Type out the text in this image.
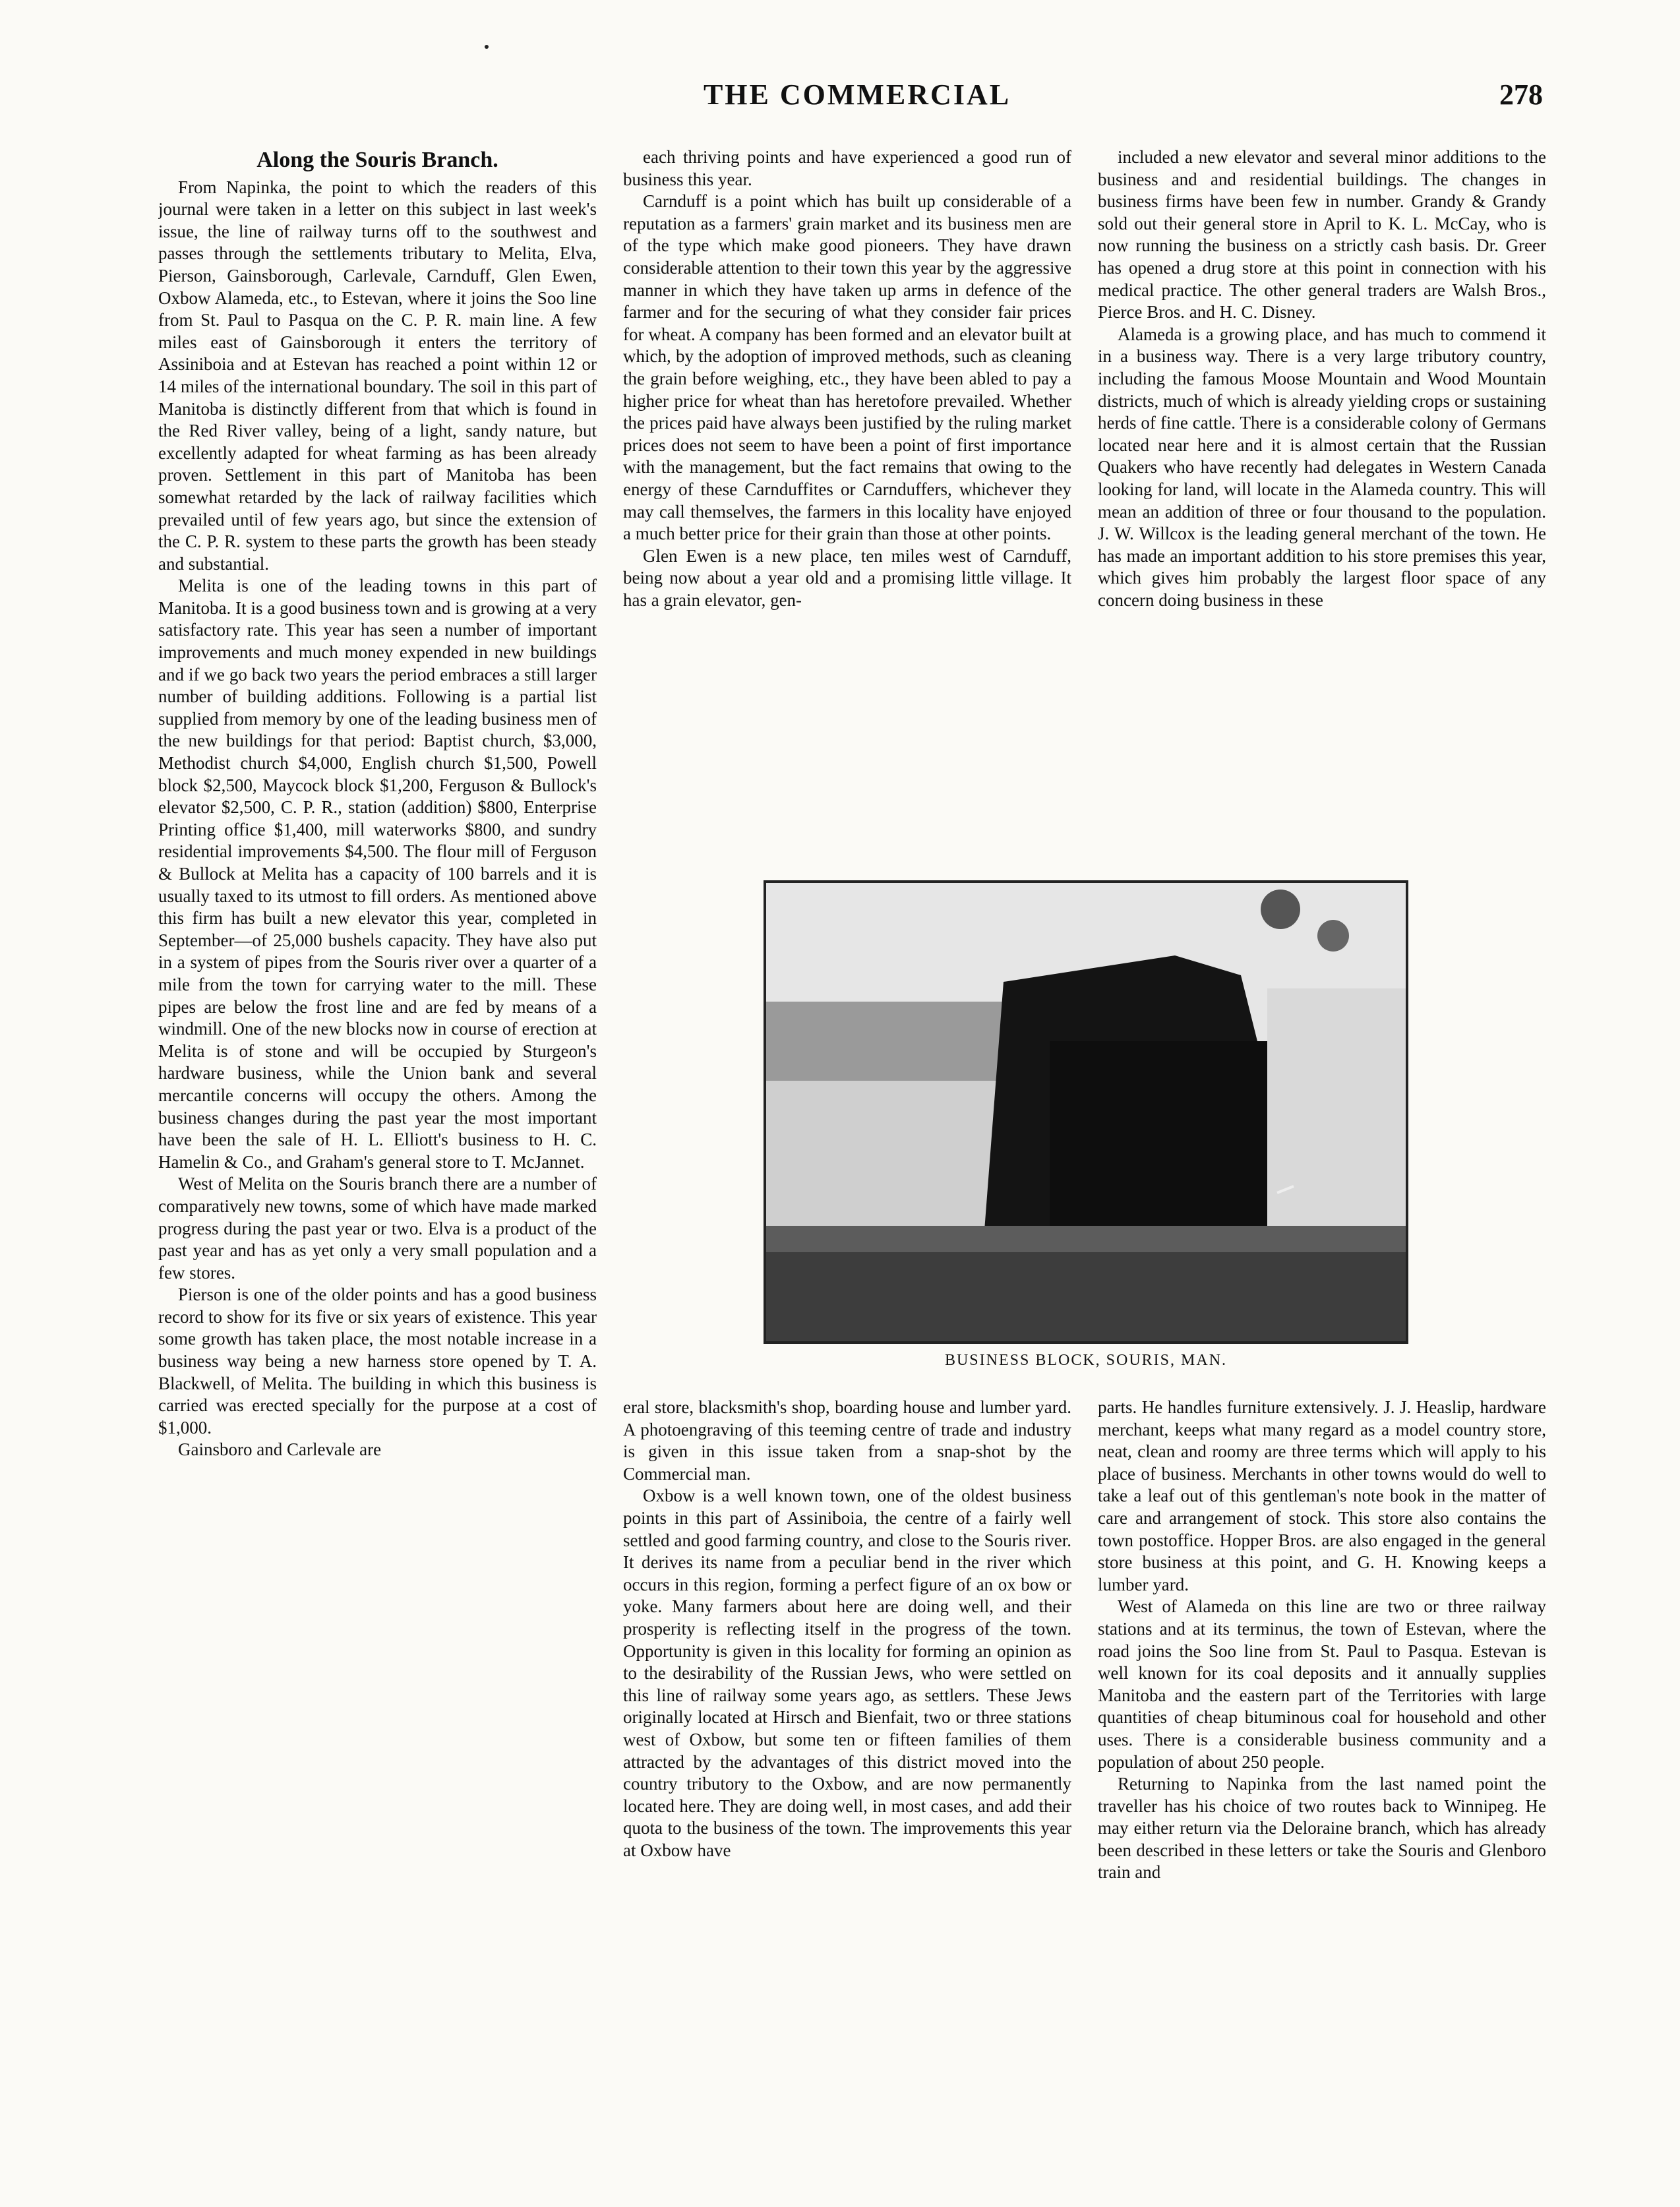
THE COMMERCIAL	278
Along the Souris Branch.

From Napinka, the point to which the readers of this journal were taken in a letter on this subject in last week's issue, the line of railway turns off to the southwest and passes through the settlements tributary to Melita, Elva, Pierson, Gainsborough, Carlevale, Carnduff, Glen Ewen, Oxbow Alameda, etc., to Estevan, where it joins the Soo line from St. Paul to Pasqua on the C. P. R. main line. A few miles east of Gainsborough it enters the territory of Assiniboia and at Estevan has reached a point within 12 or 14 miles of the international boundary. The soil in this part of Manitoba is distinctly different from that which is found in the Red River valley, being of a light, sandy nature, but excellently adapted for wheat farming as has been already proven. Settlement in this part of Manitoba has been somewhat retarded by the lack of railway facilities which prevailed until of few years ago, but since the extension of the C. P. R. system to these parts the growth has been steady and substantial.

Melita is one of the leading towns in this part of Manitoba. It is a good business town and is growing at a very satisfactory rate. This year has seen a number of important improvements and much money expended in new buildings and if we go back two years the period embraces a still larger number of building additions. Following is a partial list supplied from memory by one of the leading business men of the new buildings for that period: Baptist church, $3,000, Methodist church $4,000, English church $1,500, Powell block $2,500, Maycock block $1,200, Ferguson & Bullock's elevator $2,500, C. P. R., station (addition) $800, Enterprise Printing office $1,400, mill waterworks $800, and sundry residential improvements $4,500. The flour mill of Ferguson & Bullock at Melita has a capacity of 100 barrels and it is usually taxed to its utmost to fill orders. As mentioned above this firm has built a new elevator this year, completed in September—of 25,000 bushels capacity. They have also put in a system of pipes from the Souris river over a quarter of a mile from the town for carrying water to the mill. These pipes are below the frost line and are fed by means of a windmill. One of the new blocks now in course of erection at Melita is of stone and will be occupied by Sturgeon's hardware business, while the Union bank and several mercantile concerns will occupy the others. Among the business changes during the past year the most important have been the sale of H. L. Elliott's business to H. C. Hamelin & Co., and Graham's general store to T. McJannet.

West of Melita on the Souris branch there are a number of comparatively new towns, some of which have made marked progress during the past year or two. Elva is a product of the past year and has as yet only a very small population and a few stores.

Pierson is one of the older points and has a good business record to show for its five or six years of existence. This year some growth has taken place, the most notable increase in a business way being a new harness store opened by T. A. Blackwell, of Melita. The building in which this business is carried was erected specially for the purpose at a cost of $1,000.

Gainsboro and Carlevale are

each thriving points and have experienced a good run of business this year.

Carnduff is a point which has built up considerable of a reputation as a farmers' grain market and its business men are of the type which make good pioneers. They have drawn considerable attention to their town this year by the aggressive manner in which they have taken up arms in defence of the farmer and for the securing of what they consider fair prices for wheat. A company has been formed and an elevator built at which, by the adoption of improved methods, such as cleaning the grain before weighing, etc., they have been abled to pay a higher price for wheat than has heretofore prevailed. Whether the prices paid have always been justified by the ruling market prices does not seem to have been a point of first importance with the management, but the fact remains that owing to the energy of these Carnduffites or Carnduffers, whichever they may call themselves, the farmers in this locality have enjoyed a much better price for their grain than those at other points.

Glen Ewen is a new place, ten miles west of Carnduff, being now about a year old and a promising little village. It has a grain elevator, gen-

included a new elevator and several minor additions to the business and and residential buildings. The changes in business firms have been few in number. Grandy & Grandy sold out their general store in April to K. L. McCay, who is now running the business on a strictly cash basis. Dr. Greer has opened a drug store at this point in connection with his medical practice. The other general traders are Walsh Bros., Pierce Bros. and H. C. Disney.

Alameda is a growing place, and has much to commend it in a business way. There is a very large tributory country, including the famous Moose Mountain and Wood Mountain districts, much of which is already yielding crops or sustaining herds of fine cattle. There is a considerable colony of Germans located near here and it is almost certain that the Russian Quakers who have recently had delegates in Western Canada looking for land, will locate in the Alameda country. This will mean an addition of three or four thousand to the population. J. W. Willcox is the leading general merchant of the town. He has made an important addition to his store premises this year, which gives him probably the largest floor space of any concern doing business in these

BUSINESS BLOCK, SOURIS, MAN.

eral store, blacksmith's shop, boarding house and lumber yard. A photoengraving of this teeming centre of trade and industry is given in this issue taken from a snap-shot by the Commercial man.

Oxbow is a well known town, one of the oldest business points in this part of Assiniboia, the centre of a fairly well settled and good farming country, and close to the Souris river. It derives its name from a peculiar bend in the river which occurs in this region, forming a perfect figure of an ox bow or yoke. Many farmers about here are doing well, and their prosperity is reflecting itself in the progress of the town. Opportunity is given in this locality for forming an opinion as to the desirability of the Russian Jews, who were settled on this line of railway some years ago, as settlers. These Jews originally located at Hirsch and Bienfait, two or three stations west of Oxbow, but some ten or fifteen families of them attracted by the advantages of this district moved into the country tributory to the Oxbow, and are now permanently located here. They are doing well, in most cases, and add their quota to the business of the town. The improvements this year at Oxbow have

parts. He handles furniture extensively. J. J. Heaslip, hardware merchant, keeps what many regard as a model country store, neat, clean and roomy are three terms which will apply to his place of business. Merchants in other towns would do well to take a leaf out of this gentleman's note book in the matter of care and arrangement of stock. This store also contains the town postoffice. Hopper Bros. are also engaged in the general store business at this point, and G. H. Knowing keeps a lumber yard.

West of Alameda on this line are two or three railway stations and at its terminus, the town of Estevan, where the road joins the Soo line from St. Paul to Pasqua. Estevan is well known for its coal deposits and it annually supplies Manitoba and the eastern part of the Territories with large quantities of cheap bituminous coal for household and other uses. There is a considerable business community and a population of about 250 people.

Returning to Napinka from the last named point the traveller has his choice of two routes back to Winnipeg. He may either return via the Deloraine branch, which has already been described in these letters or take the Souris and Glenboro train and
